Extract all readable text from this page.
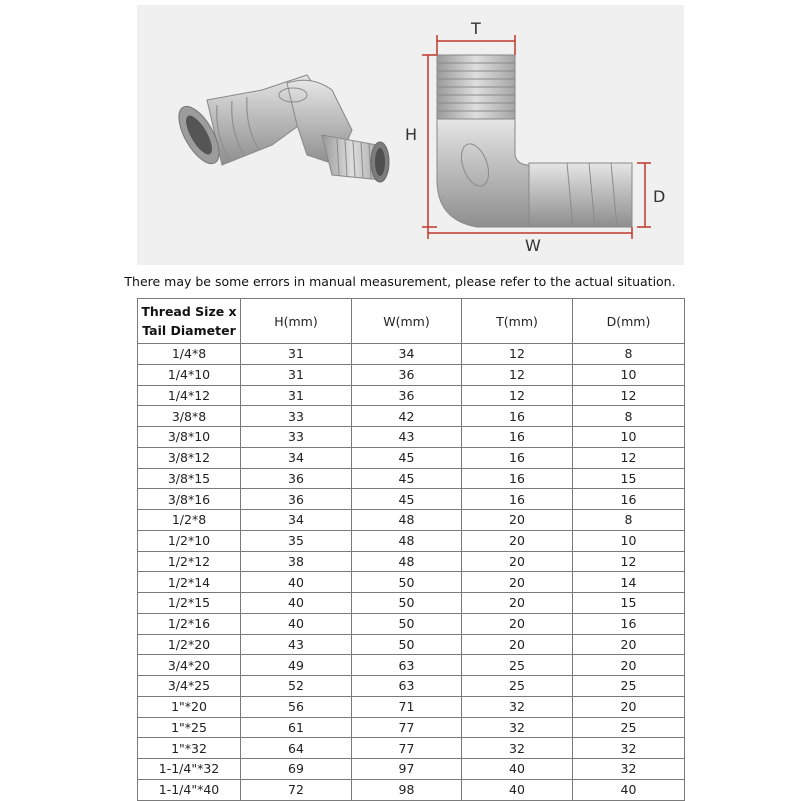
T
H
D
W
There may be some errors in manual measurement, please refer to the actual situation.
Thread Size x
Tail Diameter	H(mm)	W(mm)	T(mm)	D(mm)
1/4*8	31	34	12	8
1/4*10	31	36	12	10
1/4*12	31	36	12	12
3/8*8	33	42	16	8
3/8*10	33	43	16	10
3/8*12	34	45	16	12
3/8*15	36	45	16	15
3/8*16	36	45	16	16
1/2*8	34	48	20	8
1/2*10	35	48	20	10
1/2*12	38	48	20	12
1/2*14	40	50	20	14
1/2*15	40	50	20	15
1/2*16	40	50	20	16
1/2*20	43	50	20	20
3/4*20	49	63	25	20
3/4*25	52	63	25	25
1"*20	56	71	32	20
1"*25	61	77	32	25
1"*32	64	77	32	32
1-1/4"*32	69	97	40	32
1-1/4"*40	72	98	40	40
